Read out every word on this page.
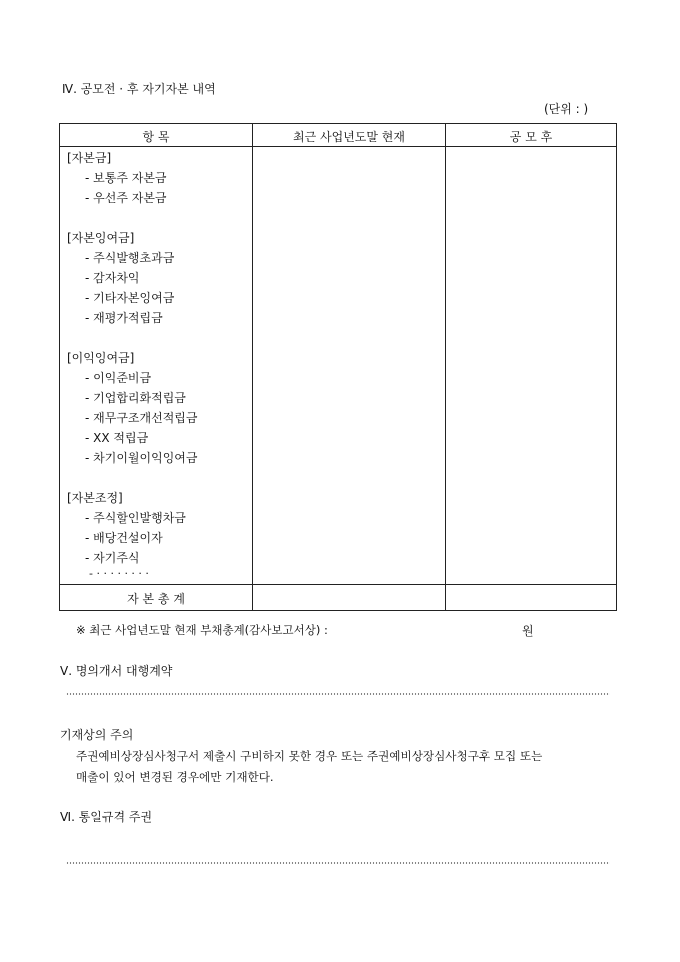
Ⅳ. 공모전 · 후 자기자본 내역
(단위 : )
항 목	최근 사업년도말 현재	공 모 후
[자본금]
- 보통주 자본금
- 우선주 자본금
[자본잉여금]
- 주식발행초과금
- 감자차익
- 기타자본잉여금
- 재평가적립금
[이익잉여금]
- 이익준비금
- 기업합리화적립금
- 재무구조개선적립금
- XX 적립금
- 차기이월이익잉여금
[자본조정]
- 주식할인발행차금
- 배당건설이자
- 자기주식
- · · · · · · · ·
자 본 총 계
※ 최근 사업년도말 현재 부채총계(감사보고서상) :	원
Ⅴ. 명의개서 대행계약
기재상의 주의
주권예비상장심사청구서 제출시 구비하지 못한 경우 또는 주권예비상장심사청구후 모집 또는
매출이 있어 변경된 경우에만 기재한다.
Ⅵ. 통일규격 주권
